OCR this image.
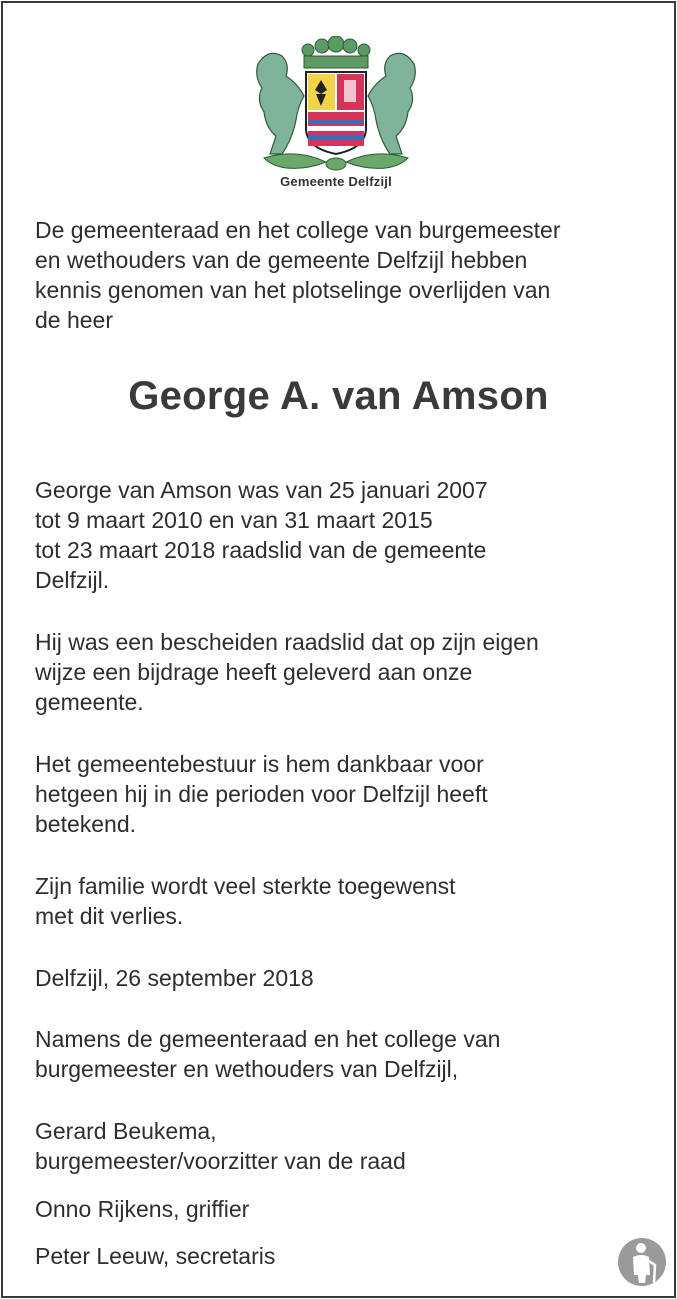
Gemeente Delfzijl
De gemeenteraad en het college van burgemeester
en wethouders van de gemeente Delfzijl hebben
kennis genomen van het plotselinge overlijden van
de heer
George A. van Amson
George van Amson was van 25 januari 2007
tot 9 maart 2010 en van 31 maart 2015
tot 23 maart 2018 raadslid van de gemeente
Delfzijl.
Hij was een bescheiden raadslid dat op zijn eigen
wijze een bijdrage heeft geleverd aan onze
gemeente.
Het gemeentebestuur is hem dankbaar voor
hetgeen hij in die perioden voor Delfzijl heeft
betekend.
Zijn familie wordt veel sterkte toegewenst
met dit verlies.
Delfzijl, 26 september 2018
Namens de gemeenteraad en het college van
burgemeester en wethouders van Delfzijl,
Gerard Beukema,
burgemeester/voorzitter van de raad
Onno Rijkens, griffier
Peter Leeuw, secretaris
